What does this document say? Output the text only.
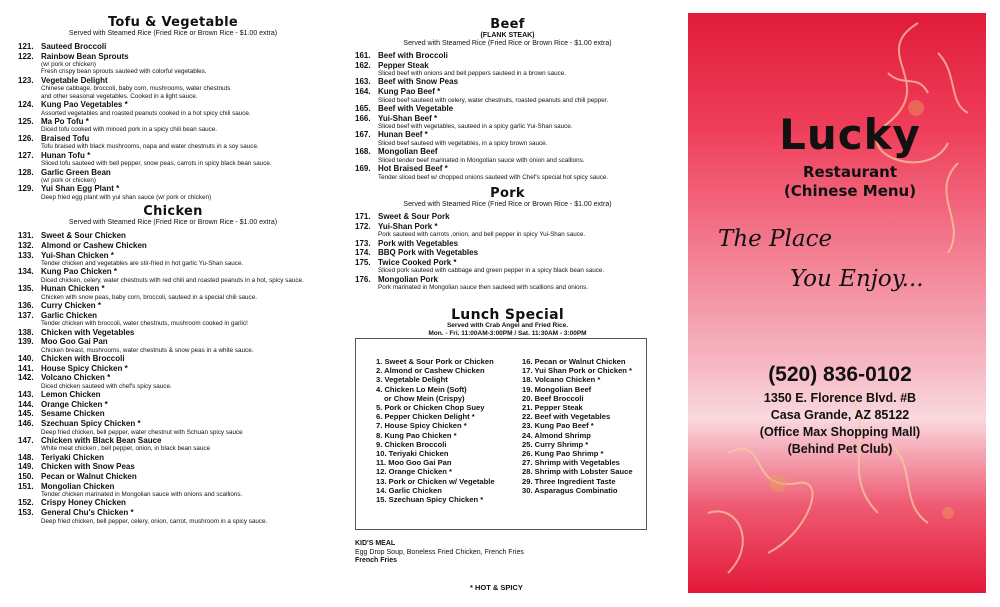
Tofu & Vegetable
Served with Steamed Rice (Fried Rice or Brown Rice - $1.00 extra)
121. Sauteed Broccoli
122. Rainbow Bean Sprouts
(w/ pork or chicken)
Fresh crispy bean sprouts sauteed with colorful vegetables.
123. Vegetable Delight
Chinese cabbage, broccoli, baby corn, mushrooms, water chestnuts
and other seasonal vegetables. Cooked in a light sauce.
124. Kung Pao Vegetables *
Assorted vegetables and roasted peanuts cooked in a hot spicy chili sauce.
125. Ma Po Tofu *
Diced tofu cooked with minced pork in a spicy chili bean sauce.
126. Braised Tofu
Tofu braised with black mushrooms, napa and water chestnuts in a soy sauce.
127. Hunan Tofu *
Sliced tofu sauteed with bell pepper, snow peas, carrots in spicy black bean sauce.
128. Garlic Green Bean
(w/ pork or chicken)
129. Yui Shan Egg Plant *
Deep fried egg plant with yui shan sauce (w/ pork or chicken)
Chicken
Served with Steamed Rice (Fried Rice or Brown Rice - $1.00 extra)
131. Sweet & Sour Chicken
132. Almond or Cashew Chicken
133. Yui-Shan Chicken *
Tender chicken and vegetables are stir-fried in hot garlic Yu-Shan sauce.
134. Kung Pao Chicken *
Diced chicken, celery, water chestnuts with red chili and roasted peanuts in a hot, spicy sauce.
135. Hunan Chicken *
Chicken with snow peas, baby corn, broccoli, sauteed in a special chili sauce.
136. Curry Chicken *
137. Garlic Chicken
Tender chicken with broccoli, water chestnuts, mushroom cooked in garlic!
138. Chicken with Vegetables
139. Moo Goo Gai Pan
Chicken breast, mushrooms, water chestnuts & snow peas in a white sauce.
140. Chicken with Broccoli
141. House Spicy Chicken *
142. Volcano Chicken *
Diced chicken sauteed with chef's spicy sauce.
143. Lemon Chicken
144. Orange Chicken *
145. Sesame Chicken
146. Szechuan Spicy Chicken *
Deep fried chicken, bell pepper, water chestnut with Schuan spicy sauce
147. Chicken with Black Bean Sauce
White meat chicken , bell pepper, onion, in black bean sauce
148. Teriyaki Chicken
149. Chicken with Snow Peas
150. Pecan or Walnut Chicken
151. Mongolian Chicken
Tender chicken marinated in Mongolian sauce with onions and scallions.
152. Crispy Honey Chicken
153. General Chu's Chicken *
Deep fried chicken, bell pepper, celery, onion, carrot, mushroom in a spicy sauce.
Beef
(FLANK STEAK)
Served with Steamed Rice (Fried Rice or Brown Rice - $1.00 extra)
161. Beef with Broccoli
162. Pepper Steak
Sliced beef with onions and bell peppers sauteed in a brown sauce.
163. Beef with Snow Peas
164. Kung Pao Beef *
Sliced beef sauteed with celery, water chestnuts, roasted peanuts and chili pepper.
165. Beef with Vegetable
166. Yui-Shan Beef *
Sliced beef with vegetables, sauteed in a spicy garlic Yui-Shan sauce.
167. Hunan Beef *
Sliced beef sauteed with vegetables, in a spicy brown sauce.
168. Mongolian Beef
Sliced tender beef marinated in Mongolian sauce with onion and scallions.
169. Hot Braised Beef *
Tender sliced beef w/ chopped onions sauteed with Chef's special hot spicy sauce.
Pork
Served with Steamed Rice (Fried Rice or Brown Rice - $1.00 extra)
171. Sweet & Sour Pork
172. Yui-Shan Pork *
Pork sauteed with carrots ,onion, and bell pepper in spicy Yui-Shan sauce.
173. Pork with Vegetables
174. BBQ Pork with Vegetables
175. Twice Cooked Pork *
Sliced pork sauteed with cabbage and green pepper in a spicy black bean sauce.
176. Mongolian Pork
Pork marinated in Mongolian sauce then sauteed with scallions and onions.
Lunch Special
Served with Crab Angel and Fried Rice.
Mon. - Fri. 11:00AM-3:00PM / Sat. 11:30AM - 3:00PM
1. Sweet & Sour Pork or Chicken
2. Almond or Cashew Chicken
3. Vegetable Delight
4. Chicken Lo Mein (Soft)
or Chow Mein (Crispy)
5. Pork or Chicken Chop Suey
6. Pepper Chicken Delight *
7. House Spicy Chicken *
8. Kung Pao Chicken *
9. Chicken Broccoli
10. Teriyaki Chicken
11. Moo Goo Gai Pan
12. Orange Chicken *
13. Pork or Chicken w/ Vegetable
14. Garlic Chicken
15. Szechuan Spicy Chicken *
16. Pecan or Walnut Chicken
17. Yui Shan Pork or Chicken *
18. Volcano Chicken *
19. Mongolian Beef
20. Beef Broccoli
21. Pepper Steak
22. Beef with Vegetables
23. Kung Pao Beef *
24. Almond Shrimp
25. Curry Shrimp *
26. Kung Pao Shrimp *
27. Shrimp with Vegetables
28. Shrimp with Lobster Sauce
29. Three Ingredient Taste
30. Asparagus Combinatio
KID'S MEAL
Egg Drop Soup, Boneless Fried Chicken, French Fries
French Fries
* HOT & SPICY
Lucky
Restaurant
(Chinese Menu)
The Place
You Enjoy...
(520) 836-0102
1350 E. Florence Blvd. #B
Casa Grande, AZ 85122
(Office Max Shopping Mall)
(Behind Pet Club)
